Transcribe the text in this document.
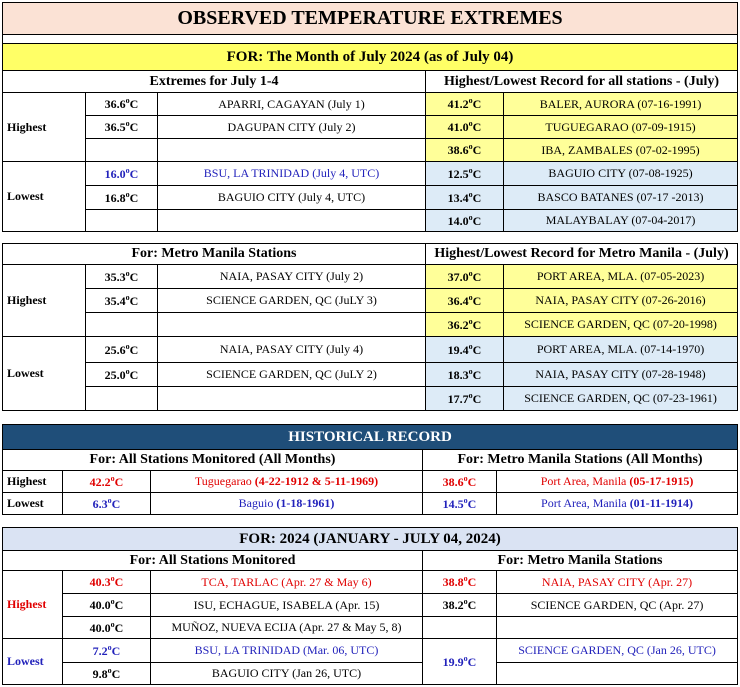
OBSERVED TEMPERATURE EXTREMES				

FOR: The Month of July 2024 (as of July 04)				
Extremes for July 1-4			Highest/Lowest Record for all stations - (July)	
Highest	36.6$^o$C	APARRI, CAGAYAN (July 1)	41.2$^o$C	BALER, AURORA (07-16-1991)
	36.5$^o$C	DAGUPAN CITY (July 2)	41.0$^o$C	TUGUEGARAO (07-09-1915)
			38.6$^o$C	IBA, ZAMBALES (07-02-1995)
Lowest	16.0$^o$C	BSU, LA TRINIDAD (July 4, UTC)	12.5$^o$C	BAGUIO CITY (07-08-1925)
	16.8$^o$C	BAGUIO CITY (July 4, UTC)	13.4$^o$C	BASCO BATANES (07-17 -2013)
			14.0$^o$C	MALAYBALAY (07-04-2017)
For: Metro Manila Stations			Highest/Lowest Record for Metro Manila - (July)	
Highest	35.3$^o$C	NAIA, PASAY CITY (July 2)	37.0$^o$C	PORT AREA, MLA. (07-05-2023)
	35.4$^o$C	SCIENCE GARDEN, QC (JuLY 3)	36.4$^o$C	NAIA, PASAY CITY (07-26-2016)
			36.2$^o$C	SCIENCE GARDEN, QC (07-20-1998)
Lowest	25.6$^o$C	NAIA, PASAY CITY (July 4)	19.4$^o$C	PORT AREA, MLA. (07-14-1970)
	25.0$^o$C	SCIENCE GARDEN, QC (JuLY 2)	18.3$^o$C	NAIA, PASAY CITY (07-28-1948)
			17.7$^o$C	SCIENCE GARDEN, QC (07-23-1961)
HISTORICAL RECORD				
For: All Stations Monitored (All Months)			For: Metro Manila Stations (All Months)	
Highest	42.2$^o$C	Tuguegarao (4-22-1912 & 5-11-1969)	38.6$^o$C	Port Area, Manila (05-17-1915)
Lowest	6.3$^o$C	Baguio (1-18-1961)	14.5$^o$C	Port Area, Manila (01-11-1914)
FOR: 2024 (JANUARY - JULY 04, 2024)				
For: All Stations Monitored			For: Metro Manila Stations	
Highest	40.3$^o$C	TCA, TARLAC (Apr. 27 & May 6)	38.8$^o$C	NAIA, PASAY CITY (Apr. 27)
	40.0$^o$C	ISU, ECHAGUE, ISABELA (Apr. 15)	38.2$^o$C	SCIENCE GARDEN, QC (Apr. 27)
	40.0$^o$C	MUÑOZ, NUEVA ECIJA (Apr. 27 & May 5, 8)		
Lowest	7.2$^o$C	BSU, LA TRINIDAD (Mar. 06, UTC)	19.9$^o$C	SCIENCE GARDEN, QC (Jan 26, UTC)
	9.8$^o$C	BAGUIO CITY (Jan 26, UTC)		
